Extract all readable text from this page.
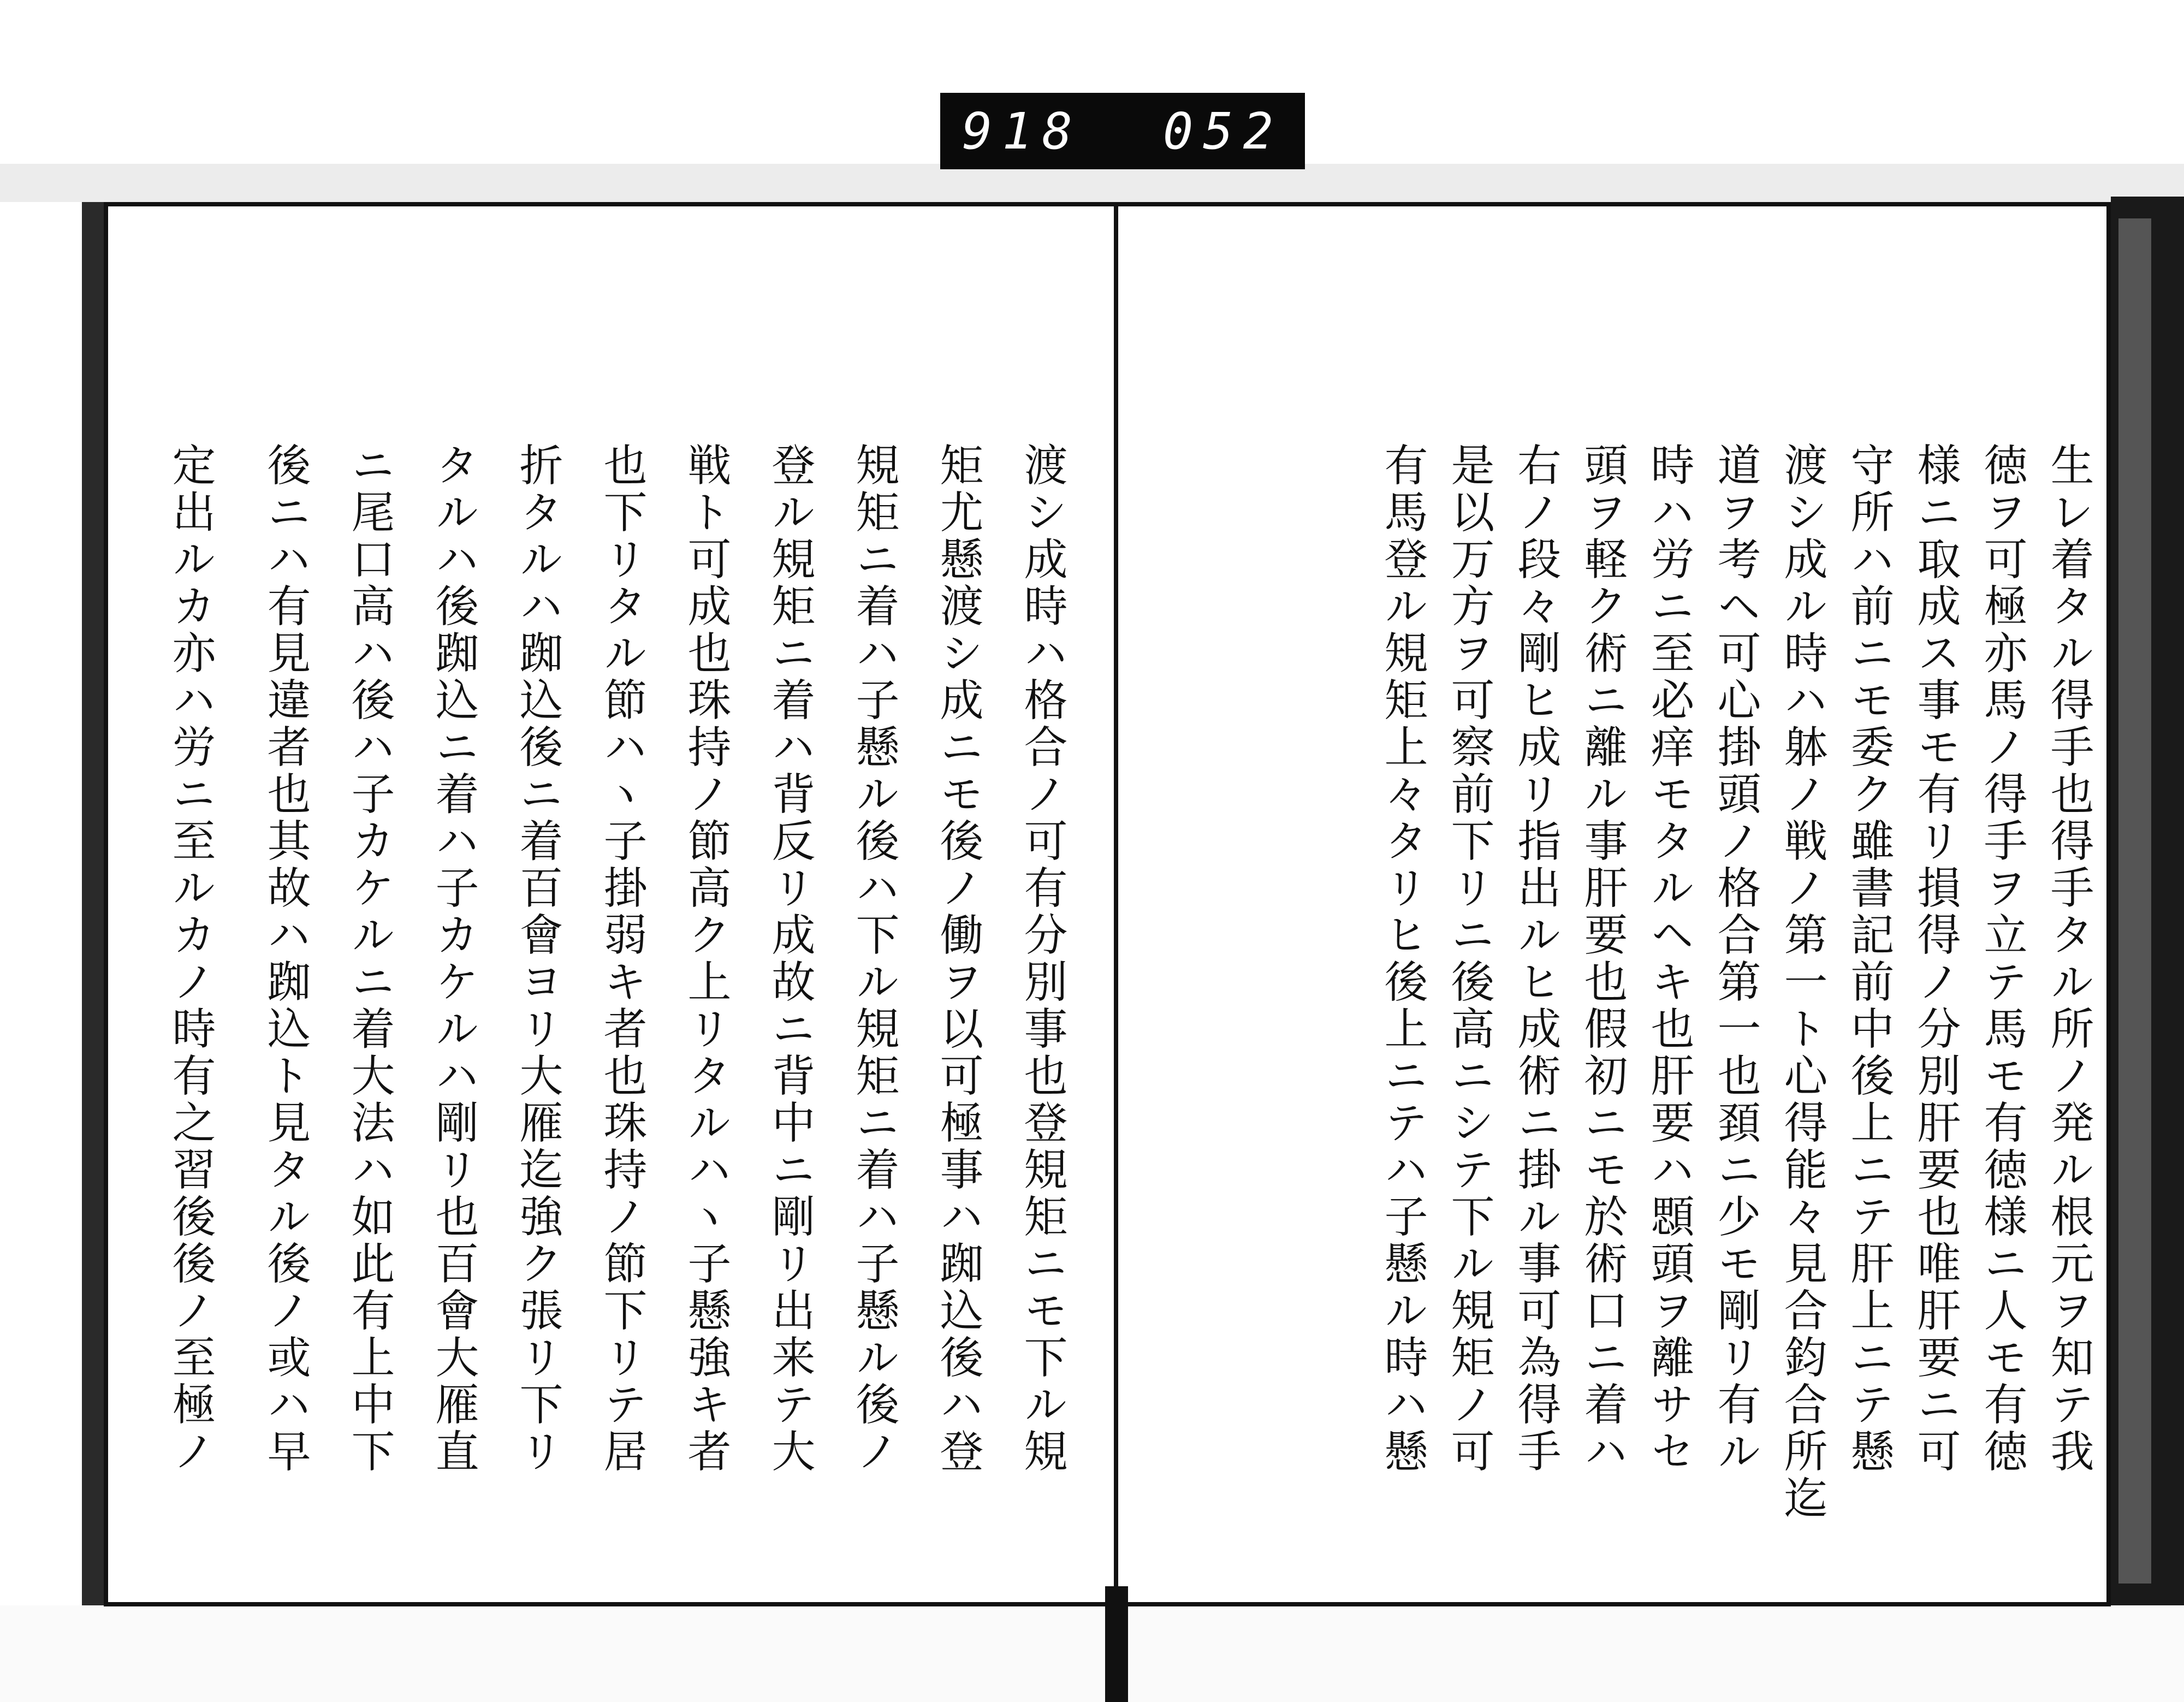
918 052
生レ着タル得手也得手タル所ノ発ル根元ヲ知テ我
徳ヲ可極亦馬ノ得手ヲ立テ馬モ有徳様ニ人モ有徳
様ニ取成ス事モ有リ損得ノ分別肝要也唯肝要ニ可
守所ハ前ニモ委ク雖書記前中後上ニテ肝上ニテ懸
渡シ成ル時ハ躰ノ戦ノ第一ト心得能々見合鈞合所迄
道ヲ考ヘ可心掛頭ノ格合第一也頚ニ少モ剛リ有ル
時ハ労ニ至必痒モタルヘキ也肝要ハ顋頭ヲ離サセ
頭ヲ軽ク術ニ離ル事肝要也假初ニモ於術口ニ着ハ
右ノ段々剛ヒ成リ指出ルヒ成術ニ掛ル事可為得手
是以万方ヲ可察前下リニ後高ニシテ下ル䂓矩ノ可
有馬登ル䂓矩上々タリヒ後上ニテハ子懸ル時ハ懸
渡シ成時ハ格合ノ可有分別事也登䂓矩ニモ下ル䂓
矩尤懸渡シ成ニモ後ノ働ヲ以可極事ハ踟込後ハ登
䂓矩ニ着ハ子懸ル後ハ下ル䂓矩ニ着ハ子懸ル後ノ
登ル䂓矩ニ着ハ背反リ成故ニ背中ニ剛リ出来テ大
戦ト可成也珠持ノ節高ク上リタルハヽ子懸強キ者
也下リタル節ハヽ子掛弱キ者也珠持ノ節下リテ居
折タルハ踟込後ニ着百會ヨリ大雁迄強ク張リ下リ
タルハ後踟込ニ着ハ子カケルハ剛リ也百會大雁直
ニ尾口高ハ後ハ子カケルニ着大法ハ如此有上中下
後ニハ有見違者也其故ハ踟込ト見タル後ノ或ハ早
定出ルカ亦ハ労ニ至ルカノ時有之習後後ノ至極ノ
